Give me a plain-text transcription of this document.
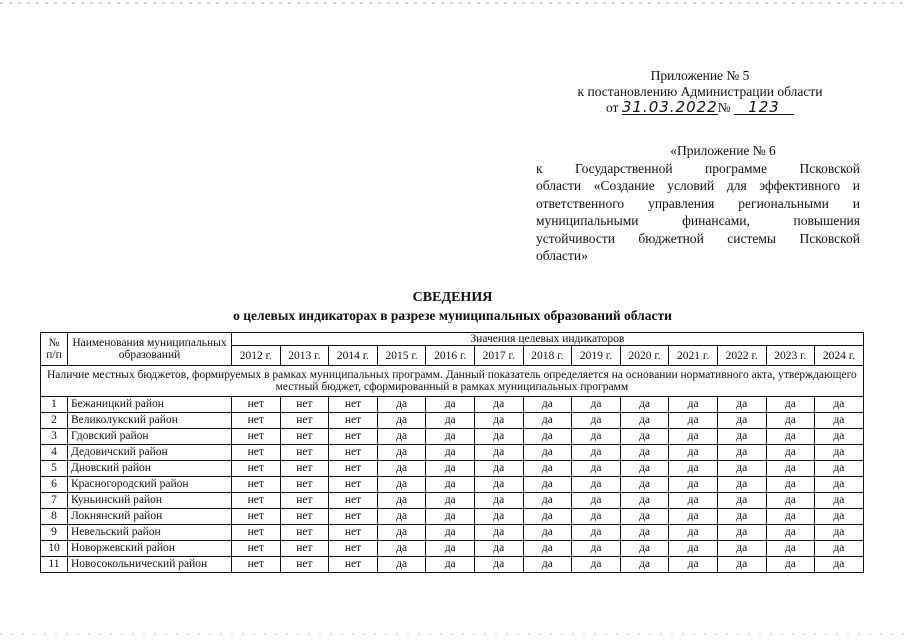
Приложение № 5
к постановлению Администрации области
от 31.03.2022№ 123
«Приложение № 6
к Государственной программе Псковской
области «Создание условий для эффективного и
ответственного управления региональными и
муниципальными финансами, повышения
устойчивости бюджетной системы Псковской
области»
СВЕДЕНИЯ
о целевых индикаторах в разрезе муниципальных образований области
№ п/п	Наименования муниципальных образований	Значения целевых индикаторов												
		2012 г.	2013 г.	2014 г.	2015 г.	2016 г.	2017 г.	2018 г.	2019 г.	2020 г.	2021 г.	2022 г.	2023 г.	2024 г.
Наличие местных бюджетов, формируемых в рамках муниципальных программ. Данный показатель определяется на основании нормативного акта, утверждающего местный бюджет, сформированный в рамках муниципальных программ														
1	Бежаницкий район	нет	нет	нет	да	да	да	да	да	да	да	да	да	да
2	Великолукский район	нет	нет	нет	да	да	да	да	да	да	да	да	да	да
3	Гдовский район	нет	нет	нет	да	да	да	да	да	да	да	да	да	да
4	Дедовичский район	нет	нет	нет	да	да	да	да	да	да	да	да	да	да
5	Дновский район	нет	нет	нет	да	да	да	да	да	да	да	да	да	да
6	Красногородский район	нет	нет	нет	да	да	да	да	да	да	да	да	да	да
7	Куньинский район	нет	нет	нет	да	да	да	да	да	да	да	да	да	да
8	Локнянский район	нет	нет	нет	да	да	да	да	да	да	да	да	да	да
9	Невельский район	нет	нет	нет	да	да	да	да	да	да	да	да	да	да
10	Новоржевский район	нет	нет	нет	да	да	да	да	да	да	да	да	да	да
11	Новосокольнический район	нет	нет	нет	да	да	да	да	да	да	да	да	да	да
